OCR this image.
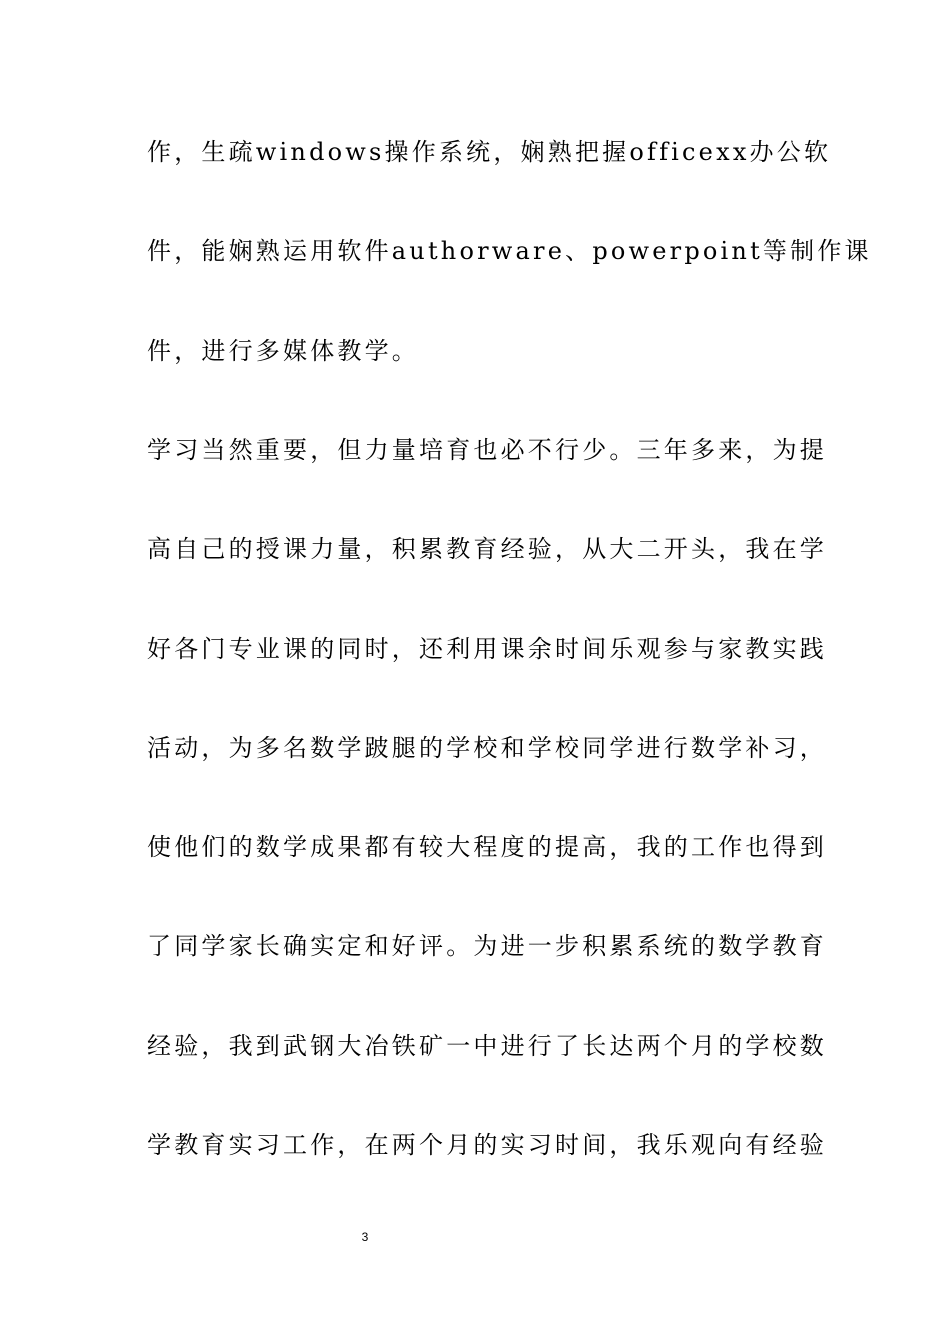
作，生疏windows操作系统，娴熟把握officexx办公软
件，能娴熟运用软件authorware、powerpoint等制作课
件，进行多媒体教学。
学习当然重要，但力量培育也必不行少。三年多来，为提
高自己的授课力量，积累教育经验，从大二开头，我在学
好各门专业课的同时，还利用课余时间乐观参与家教实践
活动，为多名数学跛腿的学校和学校同学进行数学补习，
使他们的数学成果都有较大程度的提高，我的工作也得到
了同学家长确实定和好评。为进一步积累系统的数学教育
经验，我到武钢大冶铁矿一中进行了长达两个月的学校数
学教育实习工作，在两个月的实习时间，我乐观向有经验
3
